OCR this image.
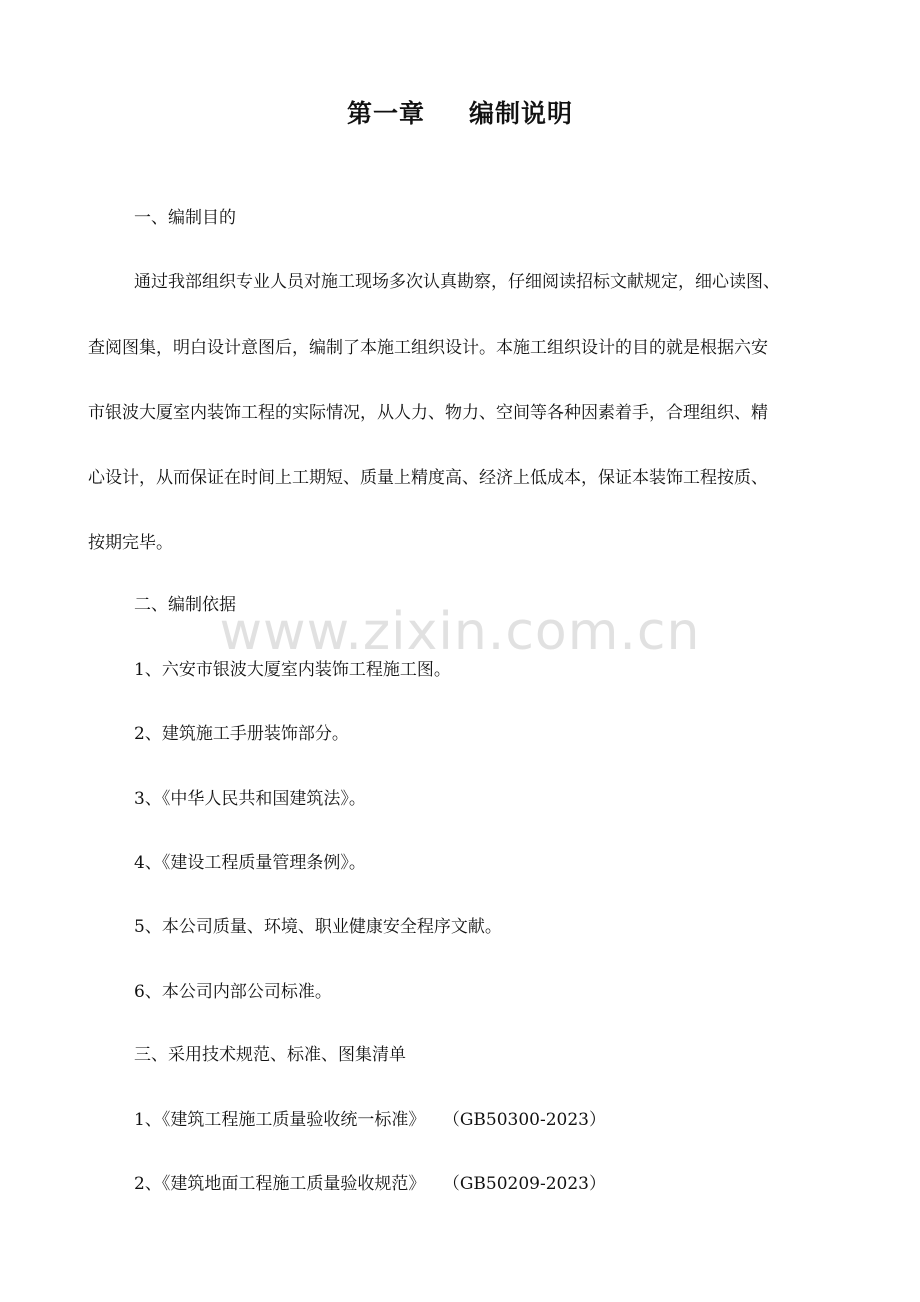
第一章 编制说明
一、编制目的
通过我部组织专业人员对施工现场多次认真勘察，仔细阅读招标文献规定，细心读图、
查阅图集，明白设计意图后，编制了本施工组织设计。本施工组织设计的目的就是根据六安
市银波大厦室内装饰工程的实际情况，从人力、物力、空间等各种因素着手，合理组织、精
心设计，从而保证在时间上工期短、质量上精度高、经济上低成本，保证本装饰工程按质、
按期完毕。
二、编制依据
1、六安市银波大厦室内装饰工程施工图。
2、建筑施工手册装饰部分。
3、《中华人民共和国建筑法》。
4、《建设工程质量管理条例》。
5、本公司质量、环境、职业健康安全程序文献。
6、本公司内部公司标准。
三、采用技术规范、标准、图集清单
1、《建筑工程施工质量验收统一标准》 （GB50300-2023）
2、《建筑地面工程施工质量验收规范》 （GB50209-2023）
www.zixin.com.cn
